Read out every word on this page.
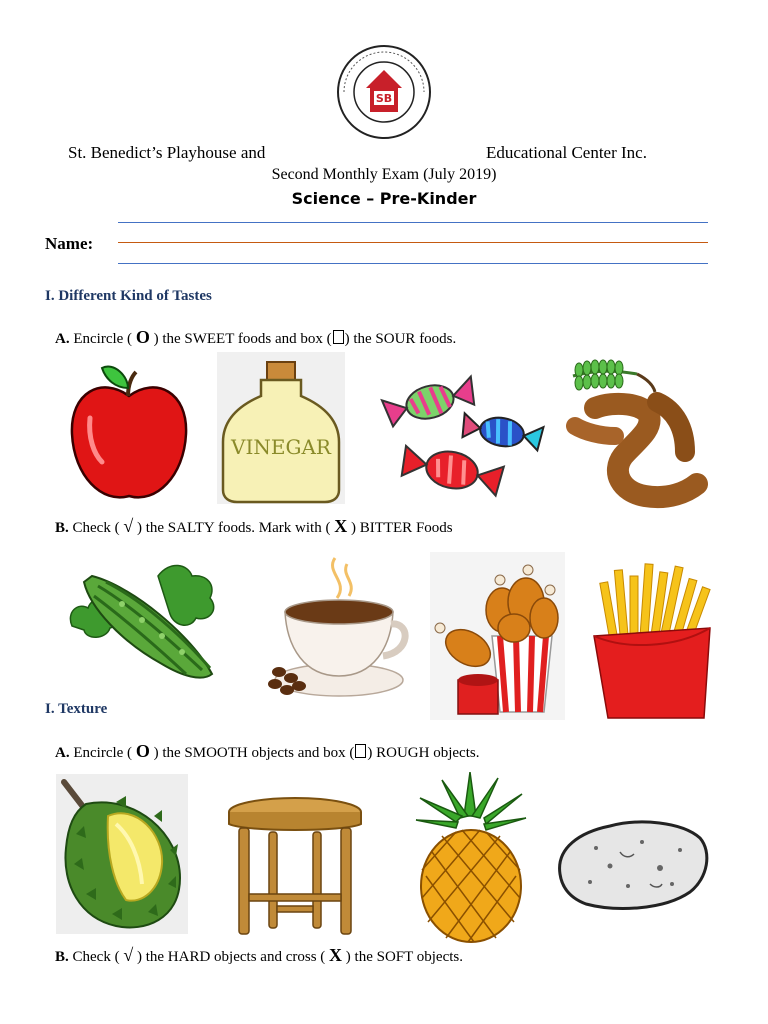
SB
St. Benedict’s Playhouse and	Educational Center Inc.
Second Monthly Exam (July 2019)
Science – Pre-Kinder
Name:
I. Different Kind of Tastes
A. Encircle ( O ) the SWEET foods and box ( ) the SOUR foods.
VINEGAR
B. Check ( √ ) the SALTY foods. Mark with ( X ) BITTER Foods
I. Texture
A. Encircle ( O ) the SMOOTH objects and box ( ) ROUGH objects.
B. Check ( √ ) the HARD objects and cross ( X ) the SOFT objects.
